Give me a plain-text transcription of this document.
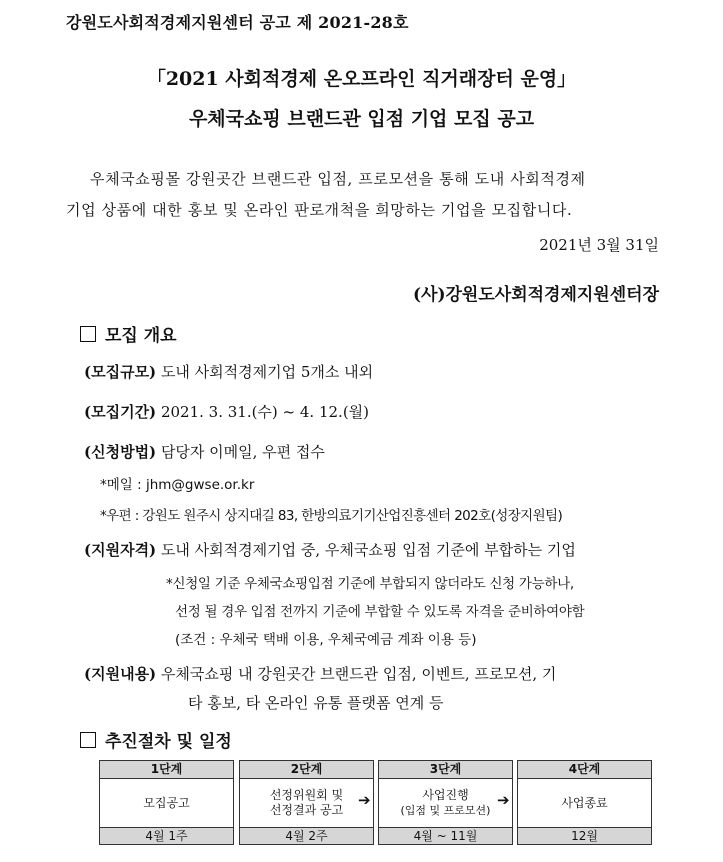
강원도사회적경제지원센터 공고 제 2021-28호
「2021 사회적경제 온오프라인 직거래장터 운영」
우체국쇼핑 브랜드관 입점 기업 모집 공고
우체국쇼핑몰 강원곳간 브랜드관 입점, 프로모션을 통해 도내 사회적경제
기업 상품에 대한 홍보 및 온라인 판로개척을 희망하는 기업을 모집합니다.
2021년 3월 31일
(사)강원도사회적경제지원센터장
모집 개요
(모집규모) 도내 사회적경제기업 5개소 내외
(모집기간) 2021. 3. 31.(수) ~ 4. 12.(월)
(신청방법) 담당자 이메일, 우편 접수
*메일 : jhm@gwse.or.kr
*우편 : 강원도 원주시 상지대길 83, 한방의료기기산업진흥센터 202호(성장지원팀)
(지원자격) 도내 사회적경제기업 중, 우체국쇼핑 입점 기준에 부합하는 기업
*신청일 기준 우체국쇼핑입점 기준에 부합되지 않더라도 신청 가능하나,
선정 될 경우 입점 전까지 기준에 부합할 수 있도록 자격을 준비하여야함
(조건 : 우체국 택배 이용, 우체국예금 계좌 이용 등)
(지원내용) 우체국쇼핑 내 강원곳간 브랜드관 입점, 이벤트, 프로모션, 기
타 홍보, 타 온라인 유통 플랫폼 연계 등
추진절차 및 일정
1단계
모집공고
4월 1주
2단계
선정위원회 및
선정결과 공고
4월 2주
➔
3단계
사업진행
(입점 및 프로모션)
4월 ~ 11월
➔
4단계
사업종료
12월
